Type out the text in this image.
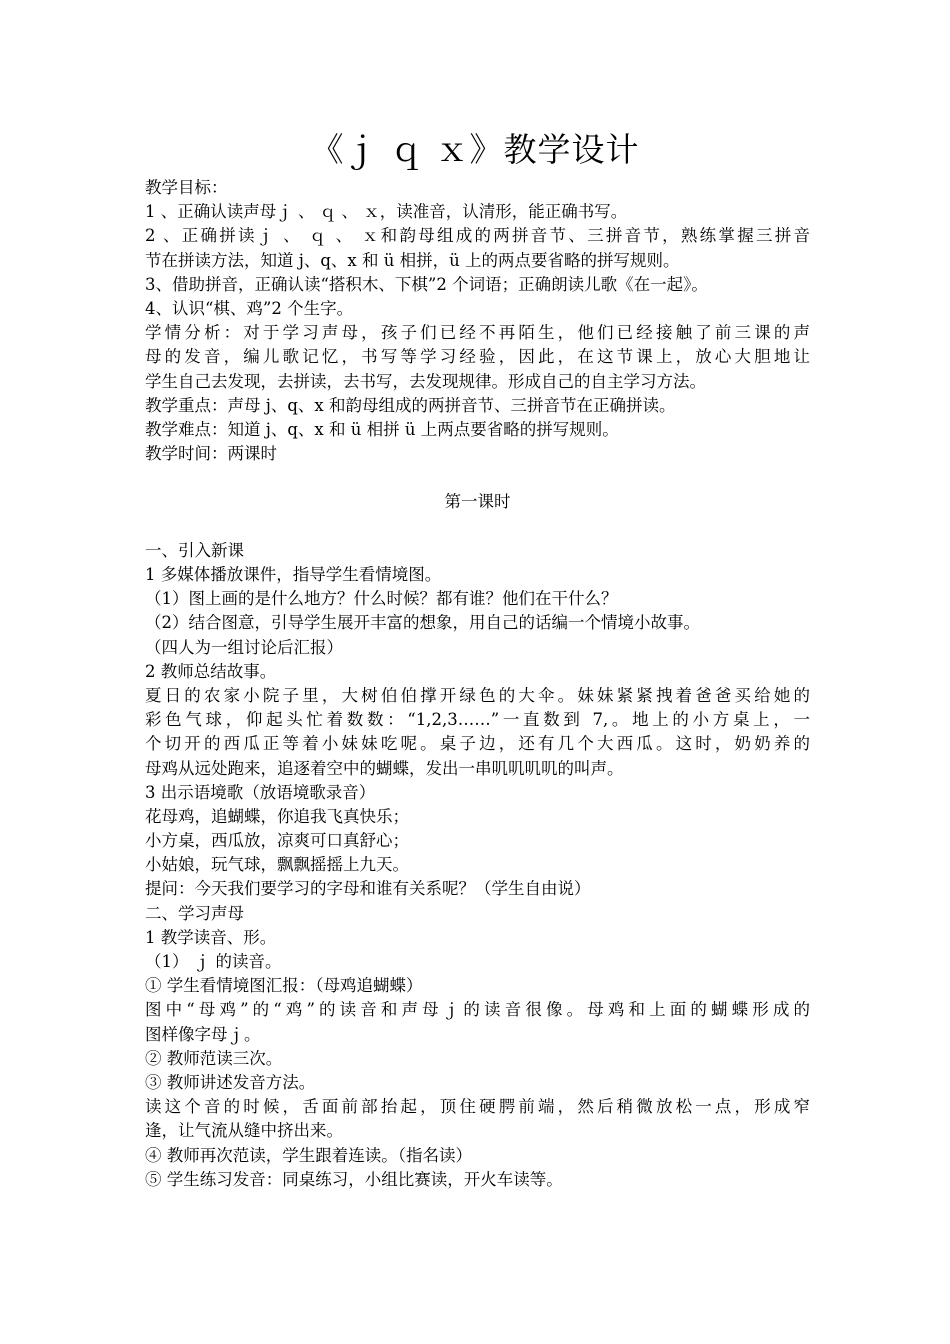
《ｊ ｑ ｘ》教学设计
教学目标：
1 、正确认读声母ｊ 、 ｑ 、 ｘ，读准音，认清形，能正确书写。
2 、正确拼读ｊ 、 ｑ 、 ｘ和韵母组成的两拼音节、三拼音节，熟练掌握三拼音
节在拼读方法，知道 j、q、x 和 ü 相拼，ü 上的两点要省略的拼写规则。
3、借助拼音，正确认读“搭积木、下棋”2 个词语；正确朗读儿歌《在一起》。
4、认识“棋、鸡”2 个生字。
学情分析：对于学习声母，孩子们已经不再陌生，他们已经接触了前三课的声
母的发音，编儿歌记忆，书写等学习经验，因此，在这节课上，放心大胆地让
学生自己去发现，去拼读，去书写，去发现规律。形成自己的自主学习方法。
教学重点：声母 j、q、x 和韵母组成的两拼音节、三拼音节在正确拼读。
教学难点：知道 j、q、x 和 ü 相拼 ü 上两点要省略的拼写规则。
教学时间：两课时
第一课时
一、引入新课
1 多媒体播放课件，指导学生看情境图。
（1）图上画的是什么地方？什么时候？都有谁？他们在干什么？
（2）结合图意，引导学生展开丰富的想象，用自己的话编一个情境小故事。
（四人为一组讨论后汇报）
2 教师总结故事。
夏日的农家小院子里，大树伯伯撑开绿色的大伞。妹妹紧紧拽着爸爸买给她的
彩色气球，仰起头忙着数数：“1,2,3……”一直数到 7,。地上的小方桌上，一
个切开的西瓜正等着小妹妹吃呢。桌子边，还有几个大西瓜。这时，奶奶养的
母鸡从远处跑来，追逐着空中的蝴蝶，发出一串叽叽叽叽的叫声。
3 出示语境歌（放语境歌录音）
花母鸡，追蝴蝶，你追我飞真快乐；
小方桌，西瓜放，凉爽可口真舒心；
小姑娘，玩气球，飘飘摇摇上九天。
提问：今天我们要学习的字母和谁有关系呢？（学生自由说）
二、学习声母
1 教学读音、形。
（1） ｊ 的读音。
① 学生看情境图汇报：（母鸡追蝴蝶）
图中“母鸡”的“鸡”的读音和声母ｊ的读音很像。母鸡和上面的蝴蝶形成的
图样像字母ｊ。
② 教师范读三次。
③ 教师讲述发音方法。
读这个音的时候，舌面前部抬起，顶住硬腭前端，然后稍微放松一点，形成窄
逢，让气流从缝中挤出来。
④ 教师再次范读，学生跟着连读。（指名读）
⑤ 学生练习发音：同桌练习，小组比赛读，开火车读等。
